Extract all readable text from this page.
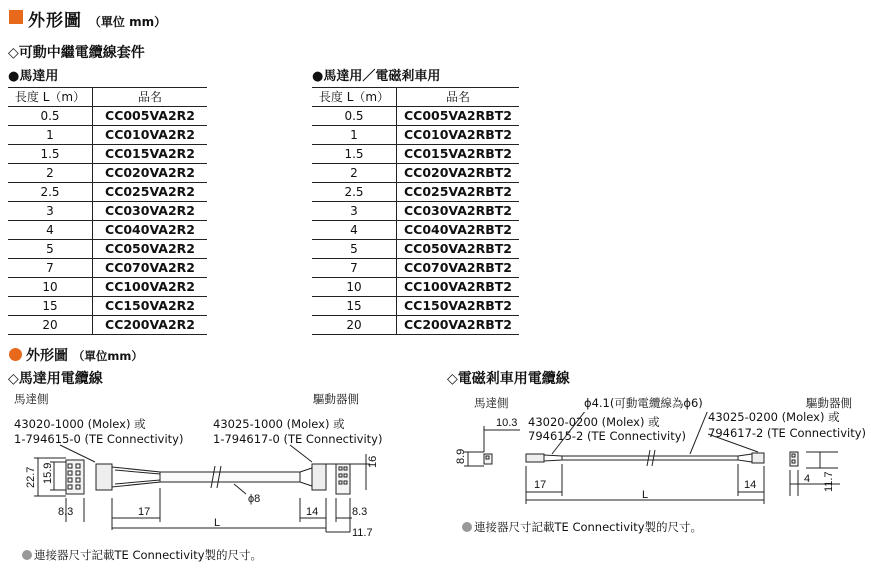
外形圖 （單位 mm）
◇可動中繼電纜線套件
●馬達用
長度 L（m）	品名
0.5	CC005VA2R2
1	CC010VA2R2
1.5	CC015VA2R2
2	CC020VA2R2
2.5	CC025VA2R2
3	CC030VA2R2
4	CC040VA2R2
5	CC050VA2R2
7	CC070VA2R2
10	CC100VA2R2
15	CC150VA2R2
20	CC200VA2R2
●馬達用／電磁剎車用
長度 L（m）	品名
0.5	CC005VA2RBT2
1	CC010VA2RBT2
1.5	CC015VA2RBT2
2	CC020VA2RBT2
2.5	CC025VA2RBT2
3	CC030VA2RBT2
4	CC040VA2RBT2
5	CC050VA2RBT2
7	CC070VA2RBT2
10	CC100VA2RBT2
15	CC150VA2RBT2
20	CC200VA2RBT2
外形圖 （單位mm）
◇馬達用電纜線	◇電磁剎車用電纜線
馬達側	驅動器側
43020-1000 (Molex) 或
1-794615-0 (TE Connectivity)
43025-1000 (Molex) 或
1-794617-0 (TE Connectivity)
22.7 15.9
16
8.3	17
ϕ8
14	8.3
11.7
L
連接器尺寸記載TE Connectivity製的尺寸。
馬達側	驅動器側
ϕ4.1(可動電纜線為ϕ6)
43020-0200 (Molex) 或
794615-2 (TE Connectivity)
43025-0200 (Molex) 或
794617-2 (TE Connectivity)
10.3
8.9
17	14	4 11.7
L
連接器尺寸記載TE Connectivity製的尺寸。
